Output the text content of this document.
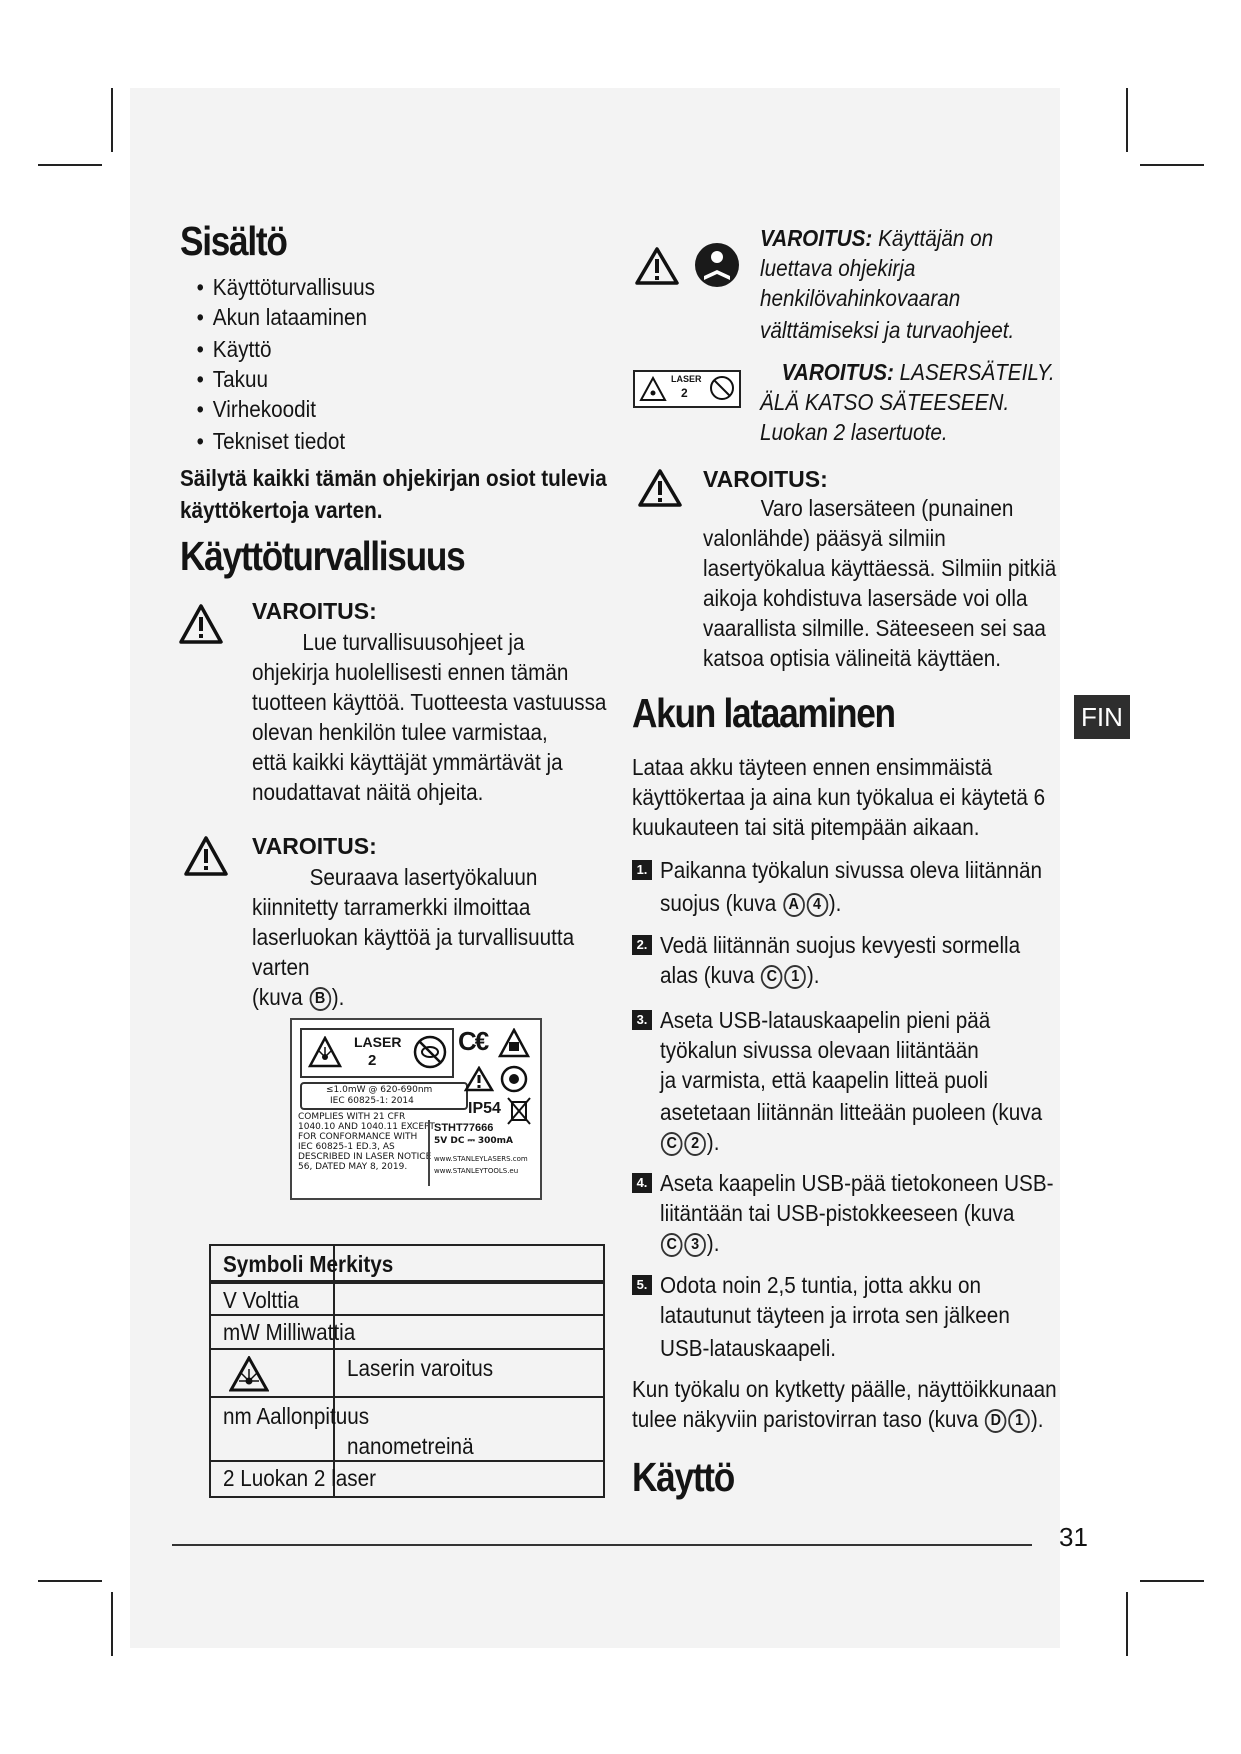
Sisältö
• Käyttöturvallisuus
• Akun lataaminen
• Käyttö
• Takuu
• Virhekoodit
• Tekniset tiedot
Säilytä kaikki tämän ohjekirjan osiot tulevia
käyttökertoja varten.
Käyttöturvallisuus
VAROITUS:
Lue turvallisuusohjeet ja
ohjekirja huolellisesti ennen tämän
tuotteen käyttöä. Tuotteesta vastuussa
olevan henkilön tulee varmistaa,
että kaikki käyttäjät ymmärtävät ja
noudattavat näitä ohjeita.
VAROITUS:
Seuraava lasertyökaluun
kiinnitetty tarramerkki ilmoittaa
laserluokan käyttöä ja turvallisuutta
varten
(kuva B ).
LASER
2
C€
≤1.0mW @ 620-690nm
IEC 60825-1: 2014	IP54
COMPLIES WITH 21 CFR
1040.10 AND 1040.11 EXCEPT
FOR CONFORMANCE WITH
IEC 60825-1 ED.3, AS
DESCRIBED IN LASER NOTICE
56, DATED MAY 8, 2019.
STHT77666
5V DC ⎓ 300mA
www.STANLEYLASERS.com
www.STANLEYTOOLS.eu
Symboli Merkitys
V Volttia
mW Milliwattia
Laserin varoitus
nm Aallonpituus
nanometreinä
2 Luokan 2 laser
VAROITUS: Käyttäjän on
luettava ohjekirja
henkilövahinkovaaran
välttämiseksi ja turvaohjeet.
LASER
2
VAROITUS: LASERSÄTEILY.
ÄLÄ KATSO SÄTEESEEN.
Luokan 2 lasertuote.
VAROITUS:
Varo lasersäteen (punainen
valonlähde) pääsyä silmiin
lasertyökalua käyttäessä. Silmiin pitkiä
aikoja kohdistuva lasersäde voi olla
vaarallista silmille. Säteeseen sei saa
katsoa optisia välineitä käyttäen.
Akun lataaminen
Lataa akku täyteen ennen ensimmäistä
käyttökertaa ja aina kun työkalua ei käytetä 6
kuukauteen tai sitä pitempään aikaan.
1. Paikanna työkalun sivussa oleva liitännän
suojus (kuva A 4 ).
2. Vedä liitännän suojus kevyesti sormella
alas (kuva C 1 ).
3. Aseta USB-latauskaapelin pieni pää
työkalun sivussa olevaan liitäntään
ja varmista, että kaapelin litteä puoli
asetetaan liitännän litteään puoleen (kuva
C 2 ).
4. Aseta kaapelin USB-pää tietokoneen USB-
liitäntään tai USB-pistokkeeseen (kuva
C 3 ).
5. Odota noin 2,5 tuntia, jotta akku on
latautunut täyteen ja irrota sen jälkeen
USB-latauskaapeli.
Kun työkalu on kytketty päälle, näyttöikkunaan
tulee näkyviin paristovirran taso (kuva D 1 ).
Käyttö
FIN
31
